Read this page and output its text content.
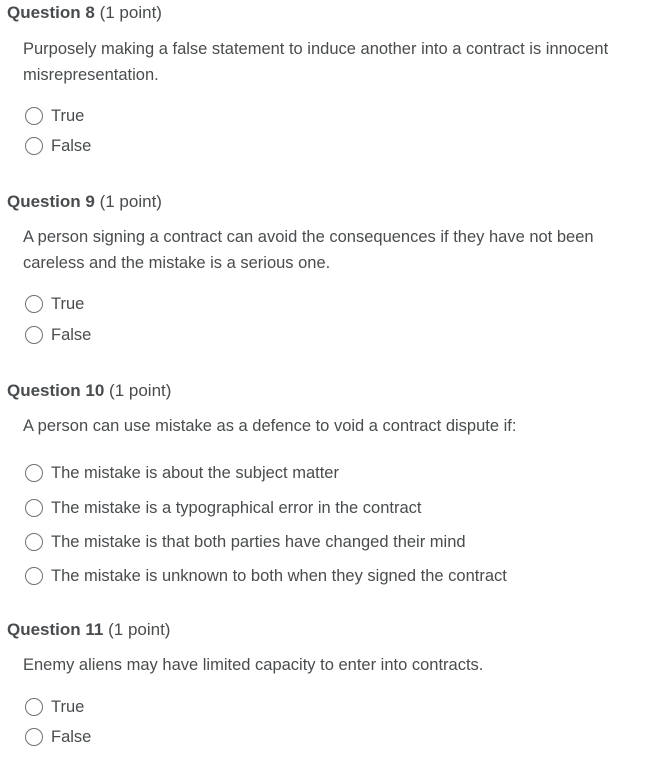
Question 8 (1 point)
Purposely making a false statement to induce another into a contract is innocent misrepresentation.
True
False
Question 9 (1 point)
A person signing a contract can avoid the consequences if they have not been careless and the mistake is a serious one.
True
False
Question 10 (1 point)
A person can use mistake as a defence to void a contract dispute if:
The mistake is about the subject matter
The mistake is a typographical error in the contract
The mistake is that both parties have changed their mind
The mistake is unknown to both when they signed the contract
Question 11 (1 point)
Enemy aliens may have limited capacity to enter into contracts.
True
False
